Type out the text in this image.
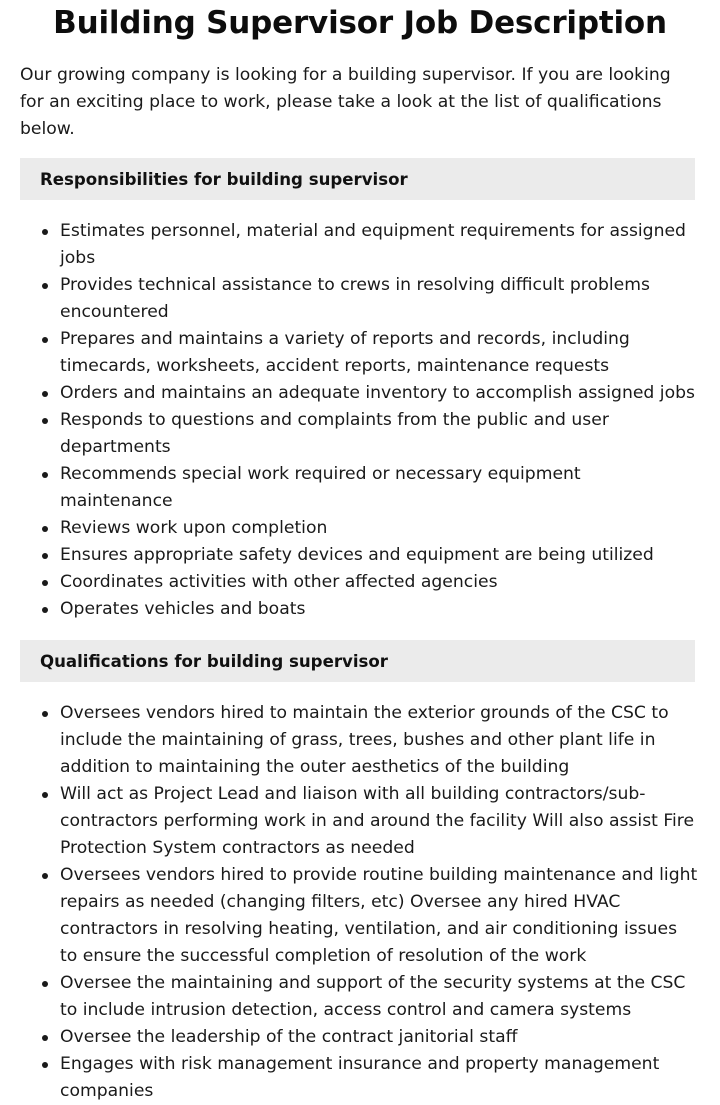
Building Supervisor Job Description

Our growing company is looking for a building supervisor. If you are looking for an exciting place to work, please take a look at the list of qualifications below.

Responsibilities for building supervisor
Estimates personnel, material and equipment requirements for assigned jobs
Provides technical assistance to crews in resolving difficult problems encountered
Prepares and maintains a variety of reports and records, including timecards, worksheets, accident reports, maintenance requests
Orders and maintains an adequate inventory to accomplish assigned jobs
Responds to questions and complaints from the public and user departments
Recommends special work required or necessary equipment maintenance
Reviews work upon completion
Ensures appropriate safety devices and equipment are being utilized
Coordinates activities with other affected agencies
Operates vehicles and boats
Qualifications for building supervisor
Oversees vendors hired to maintain the exterior grounds of the CSC to include the maintaining of grass, trees, bushes and other plant life in addition to maintaining the outer aesthetics of the building
Will act as Project Lead and liaison with all building contractors/sub-contractors performing work in and around the facility Will also assist Fire Protection System contractors as needed
Oversees vendors hired to provide routine building maintenance and light repairs as needed (changing filters, etc) Oversee any hired HVAC contractors in resolving heating, ventilation, and air conditioning issues to ensure the successful completion of resolution of the work
Oversee the maintaining and support of the security systems at the CSC to include intrusion detection, access control and camera systems
Oversee the leadership of the contract janitorial staff
Engages with risk management insurance and property management companies
